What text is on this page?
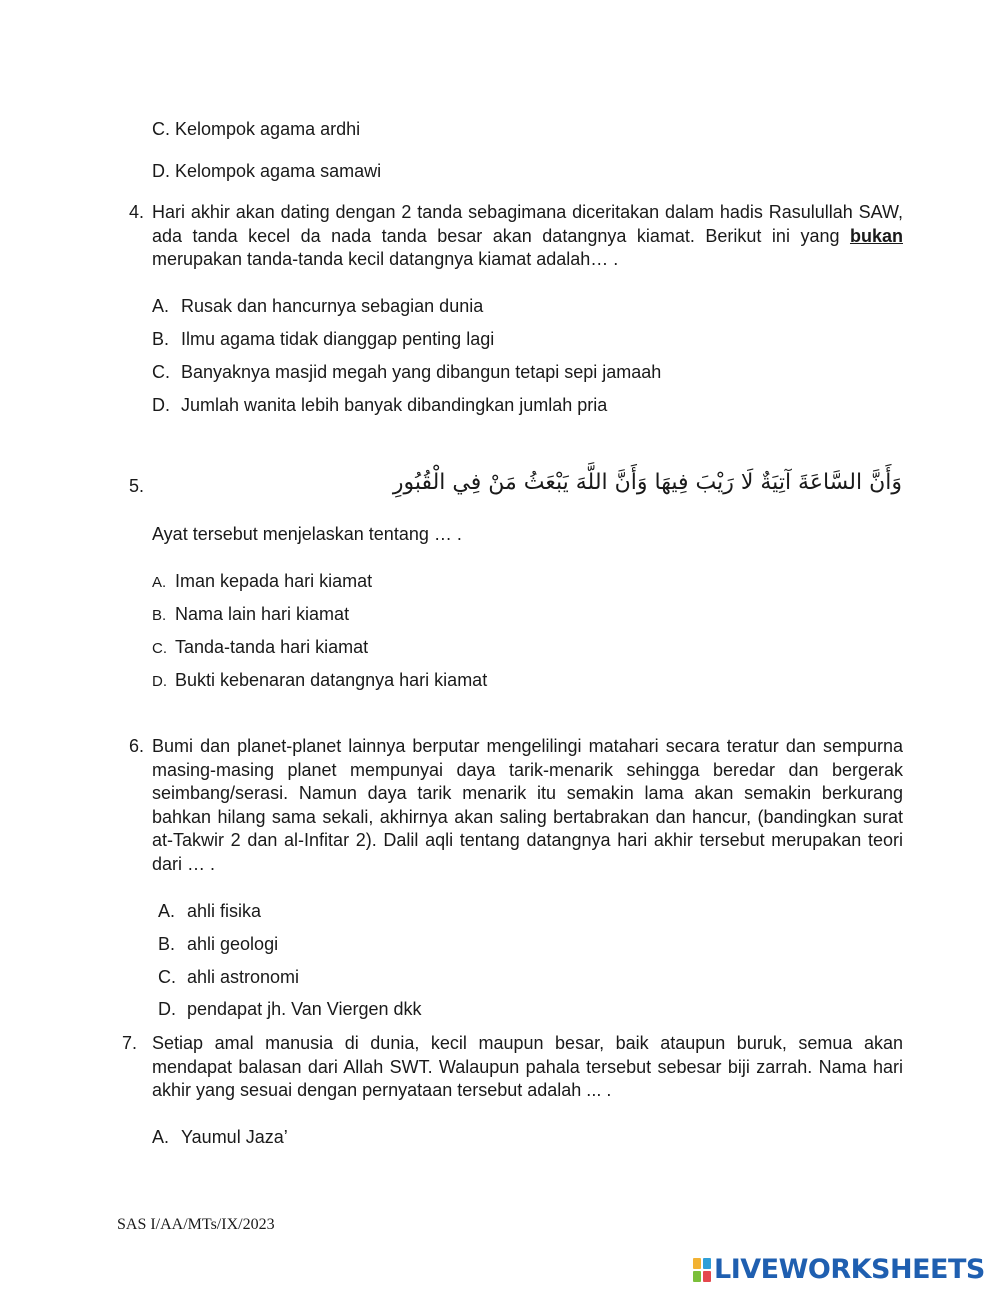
C. Kelompok agama ardhi
D. Kelompok agama samawi
4. Hari akhir akan dating dengan 2 tanda sebagimana diceritakan dalam hadis Rasulullah SAW, ada tanda kecel da nada tanda besar akan datangnya kiamat. Berikut ini yang bukan merupakan tanda-tanda kecil datangnya kiamat adalah… .
A. Rusak dan hancurnya sebagian dunia
B. Ilmu agama tidak dianggap penting lagi
C. Banyaknya masjid megah yang dibangun tetapi sepi jamaah
D. Jumlah wanita lebih banyak dibandingkan jumlah pria
5.	وَأَنَّ السَّاعَةَ آتِيَةٌ لَا رَيْبَ فِيهَا وَأَنَّ اللَّهَ يَبْعَثُ مَنْ فِي الْقُبُورِ
Ayat tersebut menjelaskan tentang … .
A. Iman kepada hari kiamat
B. Nama lain hari kiamat
C. Tanda-tanda hari kiamat
D. Bukti kebenaran datangnya hari kiamat
6. Bumi dan planet-planet lainnya berputar mengelilingi matahari secara teratur dan sempurna masing-masing planet mempunyai daya tarik-menarik sehingga beredar dan bergerak seimbang/serasi. Namun daya tarik menarik itu semakin lama akan semakin berkurang bahkan hilang sama sekali, akhirnya akan saling bertabrakan dan hancur, (bandingkan surat at-Takwir 2 dan al-Infitar 2). Dalil aqli tentang datangnya hari akhir tersebut merupakan teori dari … .
A. ahli fisika
B. ahli geologi
C. ahli astronomi
D. pendapat jh. Van Viergen dkk
7. Setiap amal manusia di dunia, kecil maupun besar, baik ataupun buruk, semua akan mendapat balasan dari Allah SWT. Walaupun pahala tersebut sebesar biji zarrah. Nama hari akhir yang sesuai dengan pernyataan tersebut adalah ... .
A. Yaumul Jaza’
SAS I/AA/MTs/IX/2023
LIVEWORKSHEETS
